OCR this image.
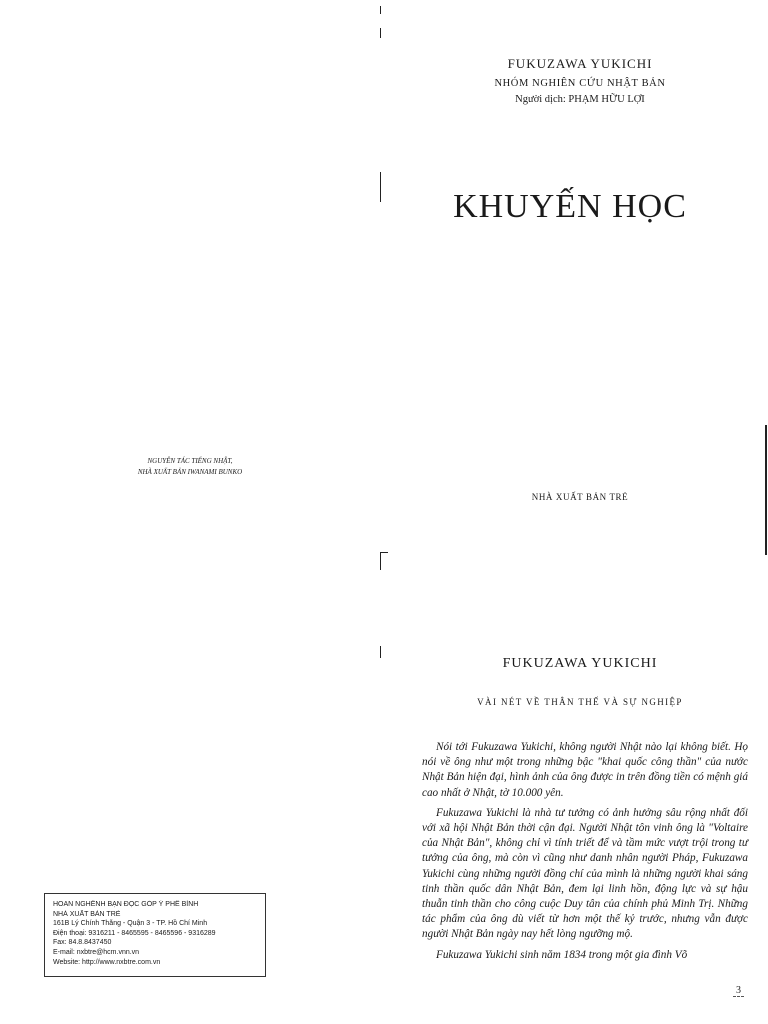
FUKUZAWA YUKICHI
NHÓM NGHIÊN CỨU NHẬT BẢN
Người dịch: PHẠM HỮU LỢI
KHUYẾN HỌC
NHÀ XUẤT BẢN TRẺ
NGUYÊN TÁC TIẾNG NHẬT,
NHÀ XUẤT BẢN IWANAMI BUNKO
FUKUZAWA YUKICHI
VÀI NÉT VỀ THÂN THẾ VÀ SỰ NGHIỆP

Nói tới Fukuzawa Yukichi, không người Nhật nào lại không biết. Họ nói về ông như một trong những bậc "khai quốc công thần" của nước Nhật Bản hiện đại, hình ảnh của ông được in trên đồng tiền có mệnh giá cao nhất ở Nhật, tờ 10.000 yên.

Fukuzawa Yukichi là nhà tư tưởng có ảnh hưởng sâu rộng nhất đối với xã hội Nhật Bản thời cận đại. Người Nhật tôn vinh ông là "Voltaire của Nhật Bản", không chỉ vì tính triết để và tầm mức vượt trội trong tư tưởng của ông, mà còn vì cũng như danh nhân người Pháp, Fukuzawa Yukichi cùng những người đồng chí của mình là những người khai sáng tinh thần quốc dân Nhật Bản, đem lại linh hồn, động lực và sự hậu thuẫn tinh thần cho công cuộc Duy tân của chính phủ Minh Trị. Những tác phẩm của ông dù viết từ hơn một thế kỷ trước, nhưng vẫn được người Nhật Bản ngày nay hết lòng ngưỡng mộ.

Fukuzawa Yukichi sinh năm 1834 trong một gia đình Võ

HOAN NGHÊNH BẠN ĐỌC GÓP Ý PHÊ BÌNH
NHÀ XUẤT BẢN TRẺ
161B Lý Chính Thắng - Quận 3 - TP. Hồ Chí Minh
Điện thoại: 9316211 - 8465595 - 8465596 - 9316289
Fax: 84.8.8437450
E-mail: nxbtre@hcm.vnn.vn
Website: http://www.nxbtre.com.vn
3
